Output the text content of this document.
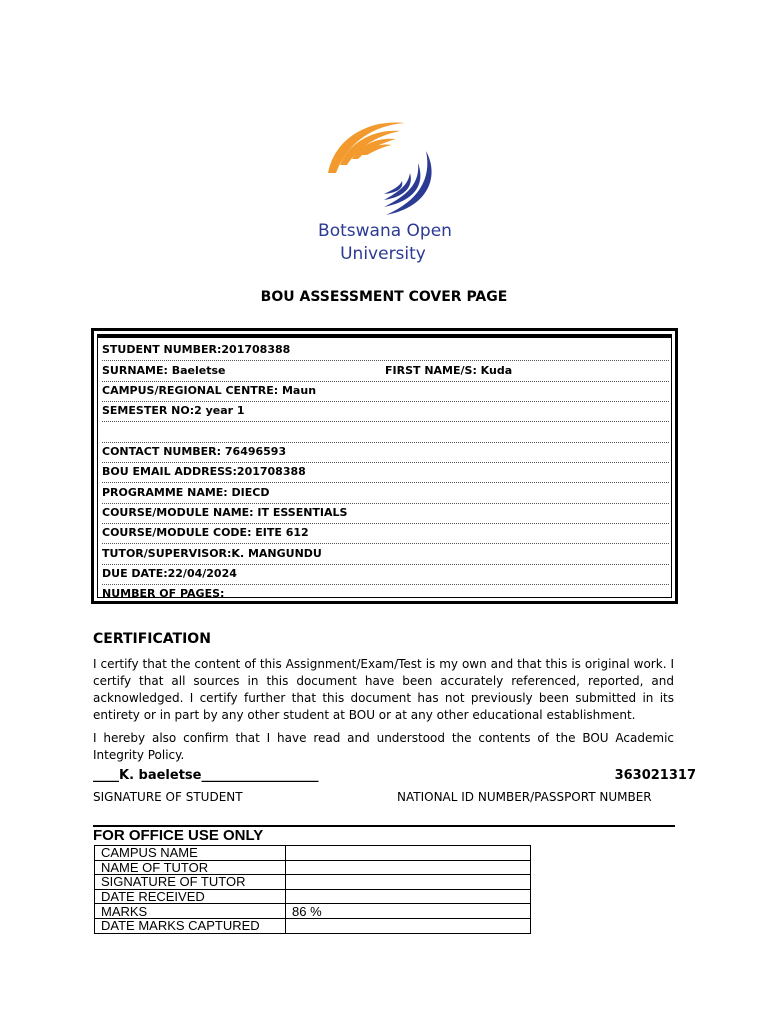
Botswana Open
University
BOU ASSESSMENT COVER PAGE
STUDENT NUMBER:201708388
SURNAME: Baeletse	FIRST NAME/S: Kuda
CAMPUS/REGIONAL CENTRE: Maun
SEMESTER NO:2 year 1
CONTACT NUMBER: 76496593
BOU EMAIL ADDRESS:201708388
PROGRAMME NAME: DIECD
COURSE/MODULE NAME: IT ESSENTIALS
COURSE/MODULE CODE: EITE 612
TUTOR/SUPERVISOR:K. MANGUNDU
DUE DATE:22/04/2024
NUMBER OF PAGES:
CERTIFICATION
I certify that the content of this Assignment/Exam/Test is my own and that this is original work. I certify that all sources in this document have been accurately referenced, reported, and acknowledged. I certify further that this document has not previously been submitted in its entirety or in part by any other student at BOU or at any other educational establishment.
I hereby also confirm that I have read and understood the contents of the BOU Academic Integrity Policy.
____K. baeletse__________________	363021317
SIGNATURE OF STUDENT	NATIONAL ID NUMBER/PASSPORT NUMBER
FOR OFFICE USE ONLY
CAMPUS NAME	
NAME OF TUTOR	
SIGNATURE OF TUTOR	
DATE RECEIVED	
MARKS	86 %
DATE MARKS CAPTURED	
